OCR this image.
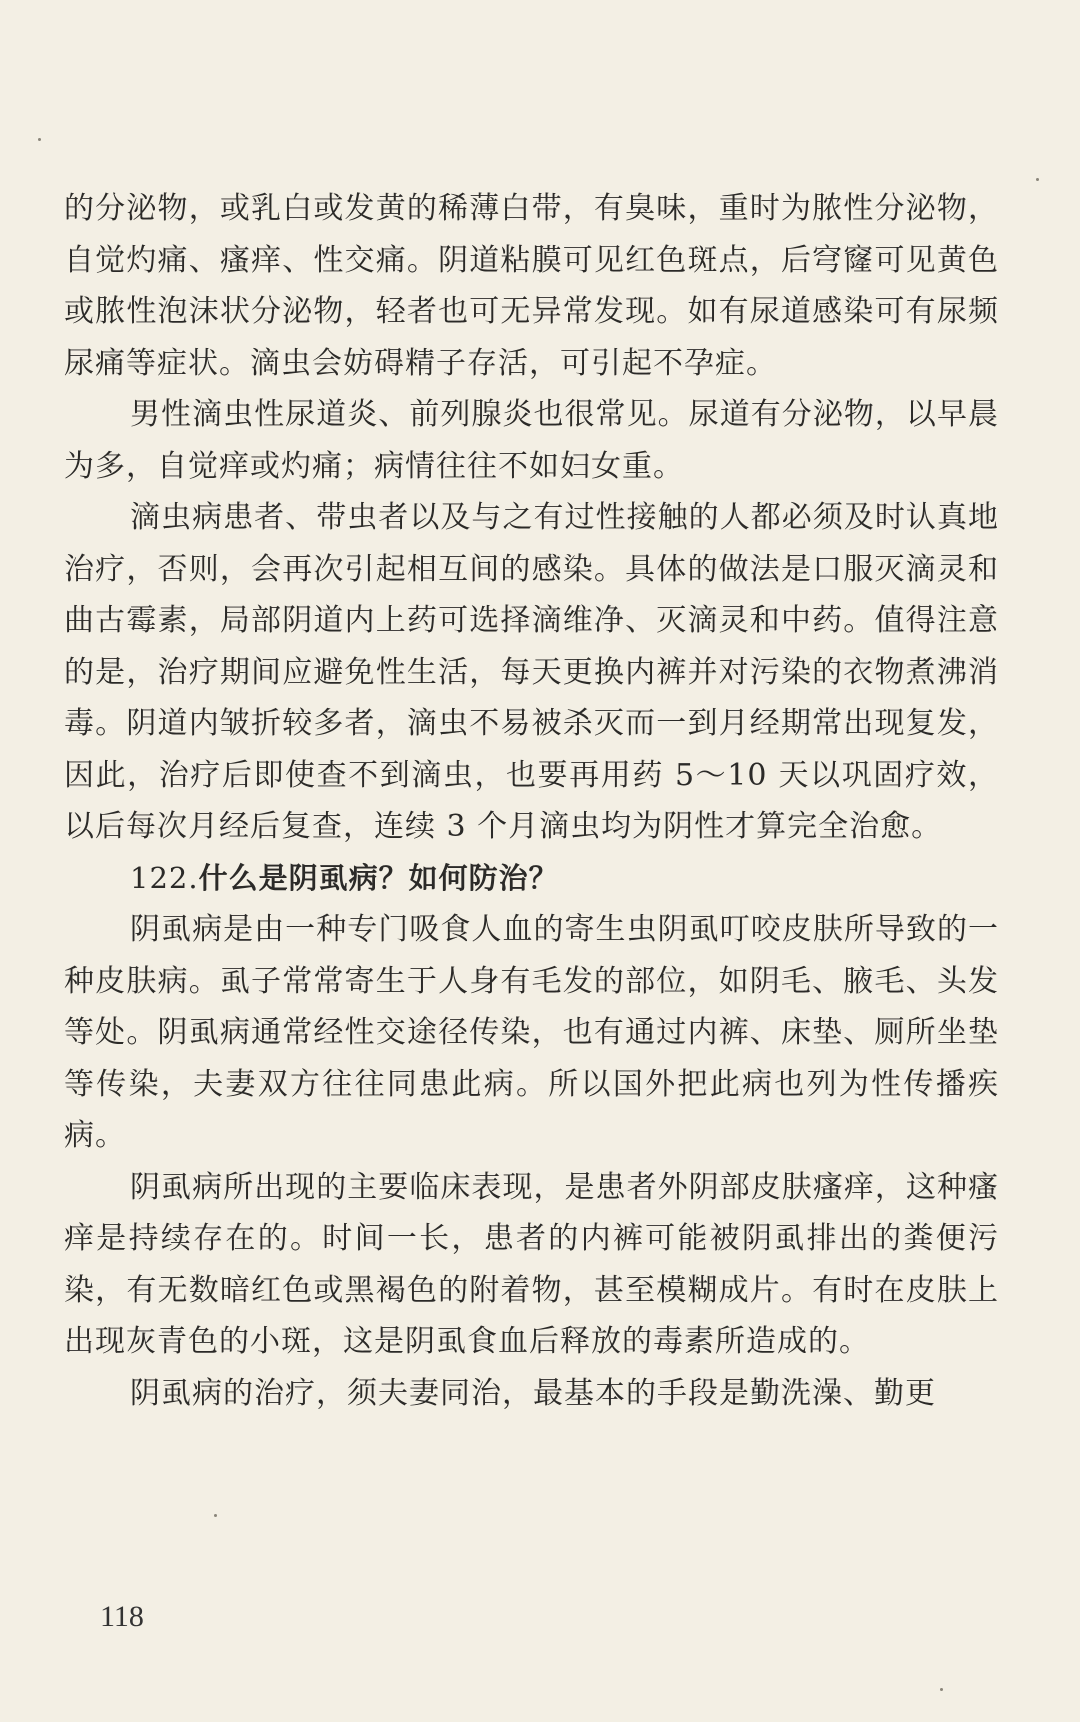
的分泌物，或乳白或发黄的稀薄白带，有臭味，重时为脓性分泌物，自觉灼痛、瘙痒、性交痛。阴道粘膜可见红色斑点，后穹窿可见黄色或脓性泡沫状分泌物，轻者也可无异常发现。如有尿道感染可有尿频尿痛等症状。滴虫会妨碍精子存活，可引起不孕症。

男性滴虫性尿道炎、前列腺炎也很常见。尿道有分泌物，以早晨为多，自觉痒或灼痛；病情往往不如妇女重。

滴虫病患者、带虫者以及与之有过性接触的人都必须及时认真地治疗，否则，会再次引起相互间的感染。具体的做法是口服灭滴灵和曲古霉素，局部阴道内上药可选择滴维净、灭滴灵和中药。值得注意的是，治疗期间应避免性生活，每天更换内裤并对污染的衣物煮沸消毒。阴道内皱折较多者，滴虫不易被杀灭而一到月经期常出现复发，因此，治疗后即使查不到滴虫，也要再用药 5～10 天以巩固疗效，以后每次月经后复查，连续 3 个月滴虫均为阴性才算完全治愈。

122.什么是阴虱病？如何防治？

阴虱病是由一种专门吸食人血的寄生虫阴虱叮咬皮肤所导致的一种皮肤病。虱子常常寄生于人身有毛发的部位，如阴毛、腋毛、头发等处。阴虱病通常经性交途径传染，也有通过内裤、床垫、厕所坐垫等传染，夫妻双方往往同患此病。所以国外把此病也列为性传播疾病。

阴虱病所出现的主要临床表现，是患者外阴部皮肤瘙痒，这种瘙痒是持续存在的。时间一长，患者的内裤可能被阴虱排出的粪便污染，有无数暗红色或黑褐色的附着物，甚至模糊成片。有时在皮肤上出现灰青色的小斑，这是阴虱食血后释放的毒素所造成的。

阴虱病的治疗，须夫妻同治，最基本的手段是勤洗澡、勤更

118
